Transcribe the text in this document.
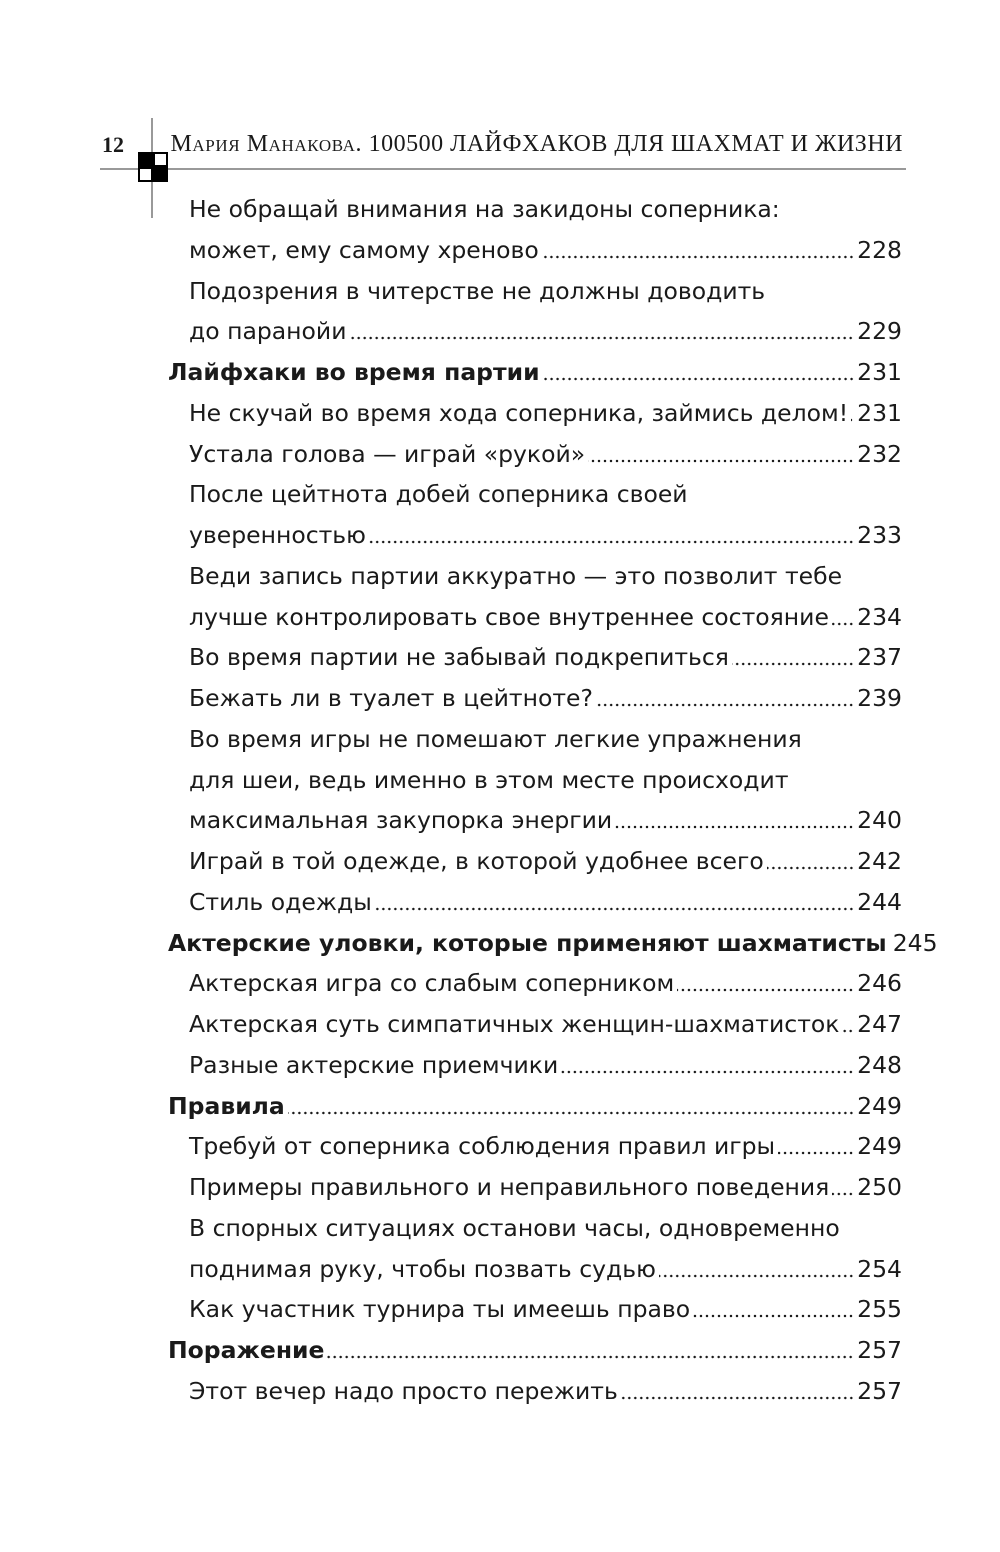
12 Мария Манакова. 100500 ЛАЙФХАКОВ ДЛЯ ШАХМАТ И ЖИЗНИ
Не обращай внимания на закидоны соперника:
может, ему самому хреново	228
Подозрения в читерстве не должны доводить
до паранойи	229
Лайфхаки во время партии	231
Не скучай во время хода соперника, займись делом! 231
Устала голова — играй «рукой»	232
После цейтнота добей соперника своей
уверенностью	233
Веди запись партии аккуратно — это позволит тебе
лучше контролировать свое внутреннее состояние 234
Во время партии не забывай подкрепиться	237
Бежать ли в туалет в цейтноте?	239
Во время игры не помешают легкие упражнения
для шеи, ведь именно в этом месте происходит
максимальная закупорка энергии	240
Играй в той одежде, в которой удобнее всего	242
Стиль одежды	244
Актерские уловки, которые применяют шахматисты 245
Актерская игра со слабым соперником	246
Актерская суть симпатичных женщин-шахматисток 247
Разные актерские приемчики	248
Правила	249
Требуй от соперника соблюдения правил игры	249
Примеры правильного и неправильного поведения 250
В спорных ситуациях останови часы, одновременно
поднимая руку, чтобы позвать судью	254
Как участник турнира ты имеешь право	255
Поражение	257
Этот вечер надо просто пережить	257
